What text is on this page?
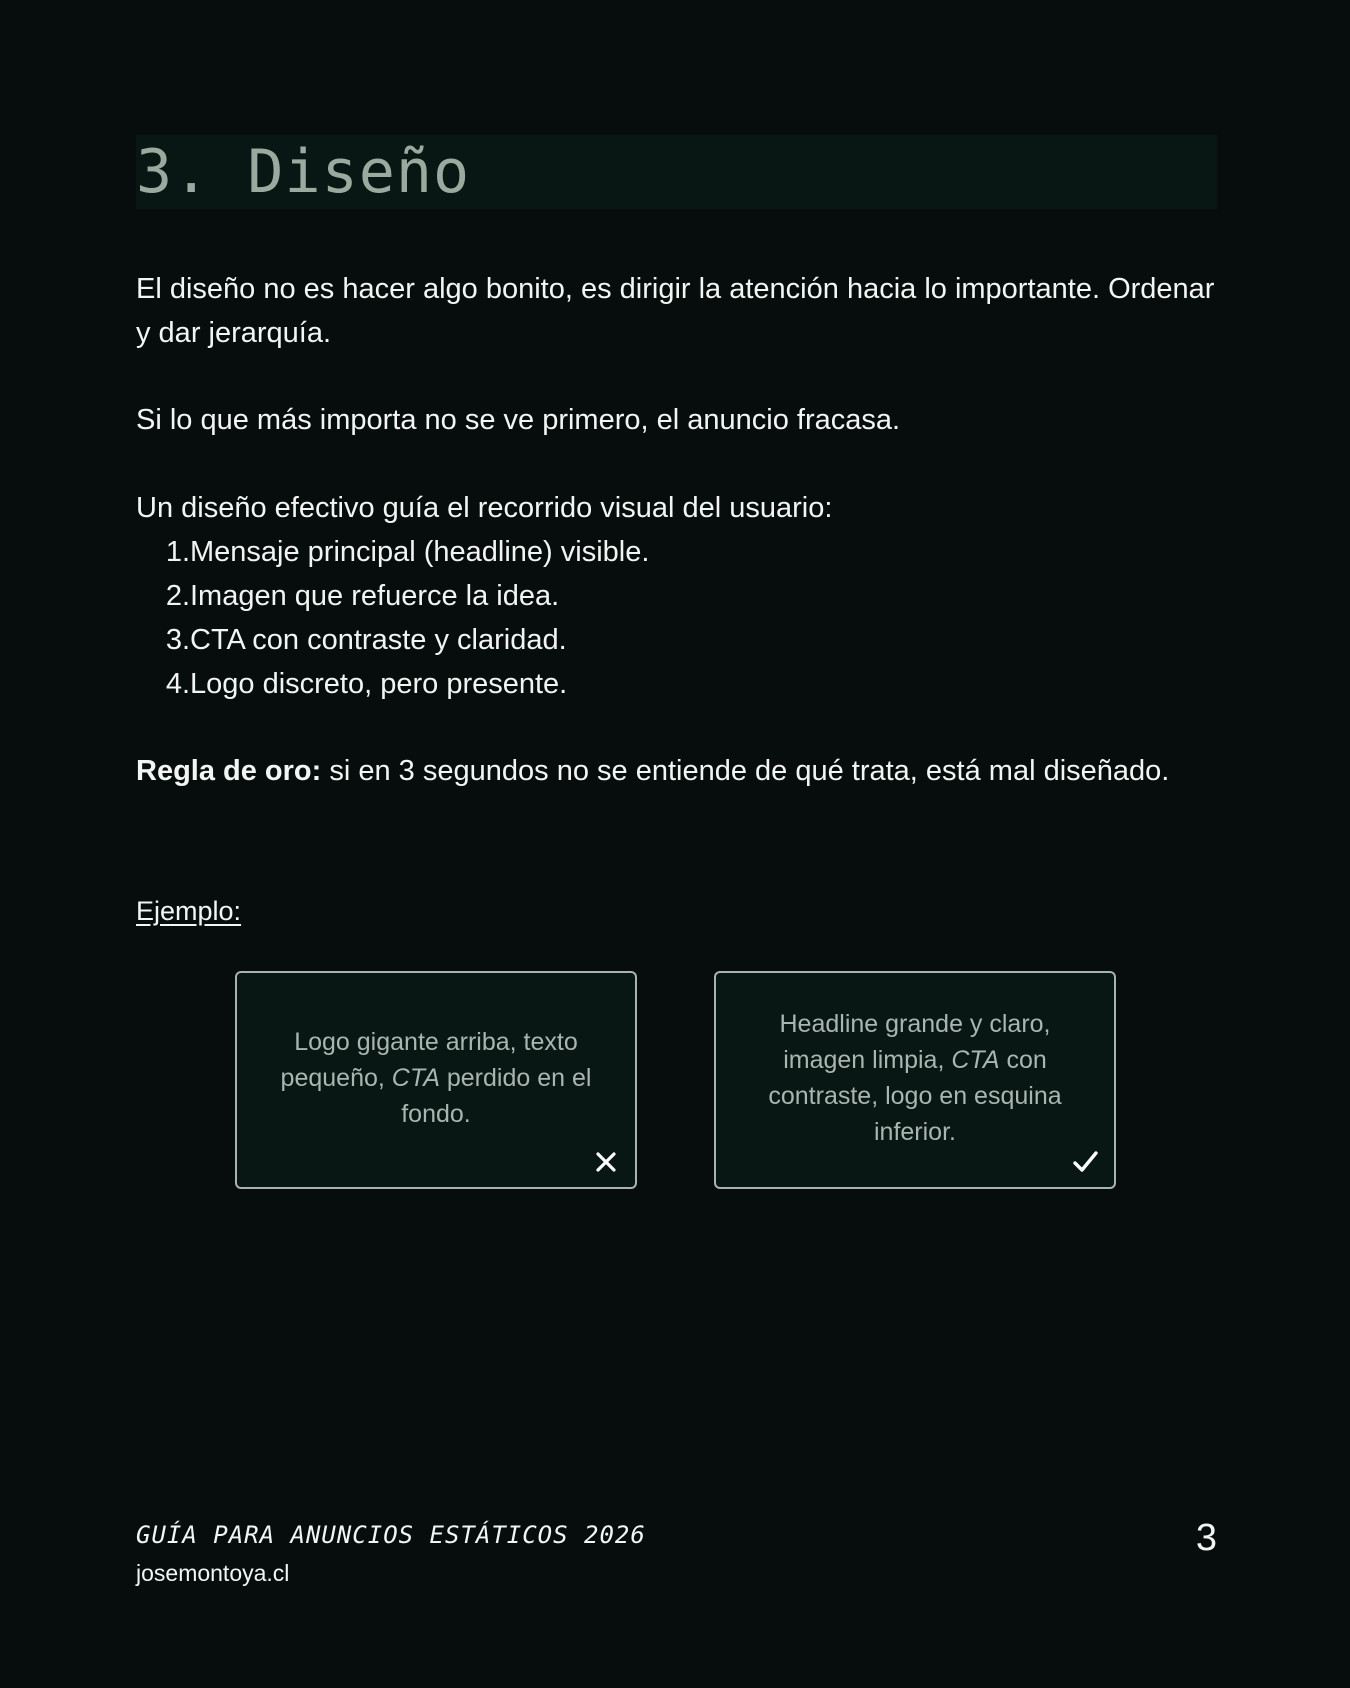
3. Diseño

El diseño no es hacer algo bonito, es dirigir la atención hacia lo importante. Ordenar y dar jerarquía.

Si lo que más importa no se ve primero, el anuncio fracasa.

Un diseño efectivo guía el recorrido visual del usuario:

1. Mensaje principal (headline) visible.
2. Imagen que refuerce la idea.
3. CTA con contraste y claridad.
4. Logo discreto, pero presente.

Regla de oro: si en 3 segundos no se entiende de qué trata, está mal diseñado.

Ejemplo:
Logo gigante arriba, texto pequeño, CTA perdido en el fondo.
Headline grande y claro, imagen limpia, CTA con contraste, logo en esquina inferior.
GUÍA PARA ANUNCIOS ESTÁTICOS 2026
josemontoya.cl
3
